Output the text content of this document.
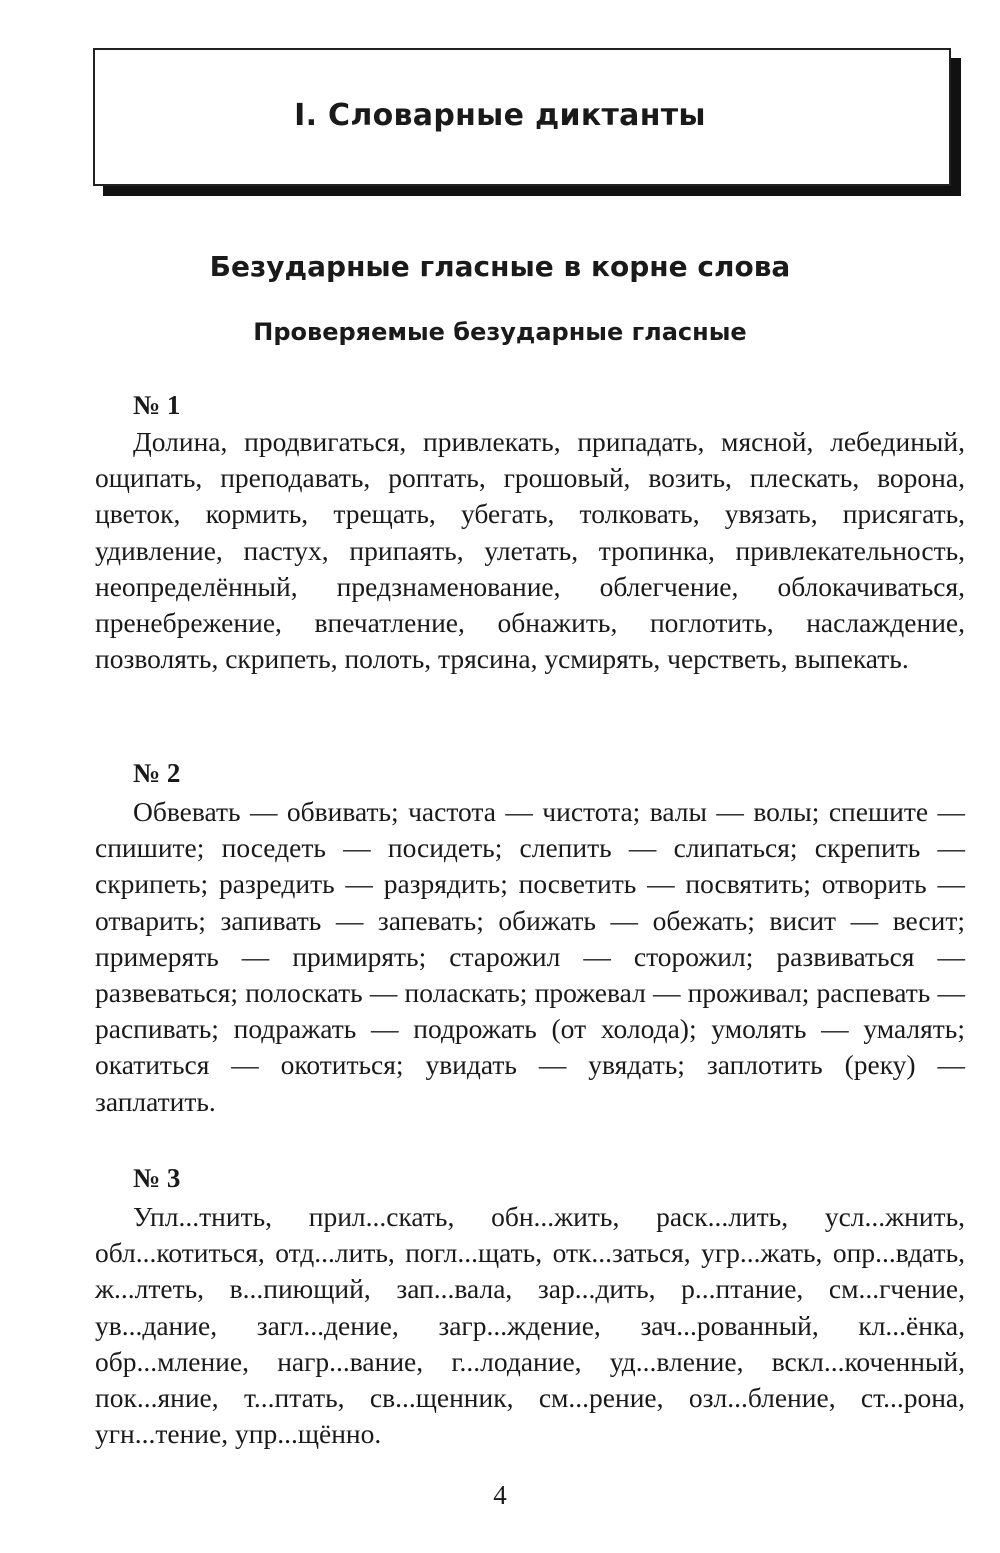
I. Словарные диктанты
Безударные гласные в корне слова
Проверяемые безударные гласные

№ 1

Долина, продвигаться, привлекать, припадать, мясной, лебединый, ощипать, преподавать, роптать, грошовый, возить, плескать, ворона, цветок, кормить, трещать, убегать, толковать, увязать, присягать, удивление, пастух, припаять, улетать, тропинка, привлекательность, неопределённый, предзнаменование, облегчение, облокачиваться, пренебрежение, впечатление, обнажить, поглотить, наслаждение, позволять, скрипеть, полоть, трясина, усмирять, черстветь, выпекать.

№ 2

Обвевать — обвивать; частота — чистота; валы — волы; спешите — спишите; поседеть — посидеть; слепить — слипаться; скрепить — скрипеть; разредить — разрядить; посветить — посвятить; отворить — отварить; запивать — запевать; обижать — обежать; висит — весит; примерять — примирять; старожил — сторожил; развиваться — развеваться; полоскать — поласкать; прожевал — проживал; распевать — распивать; подражать — подрожать (от холода); умолять — умалять; окатиться — окотиться; увидать — увядать; заплотить (реку) — заплатить.

№ 3

Упл...тнить, прил...скать, обн...жить, раск...лить, усл...жнить, обл...котиться, отд...лить, погл...щать, отк...заться, угр...жать, опр...вдать, ж...лтеть, в...пиющий, зап...вала, зар...дить, р...птание, см...гчение, ув...дание, загл...дение, загр...ждение, зач...рованный, кл...ёнка, обр...мление, нагр...вание, г...лодание, уд...вление, вскл...коченный, пок...яние, т...птать, св...щенник, см...рение, озл...бление, ст...рона, угн...тение, упр...щённо.

4
